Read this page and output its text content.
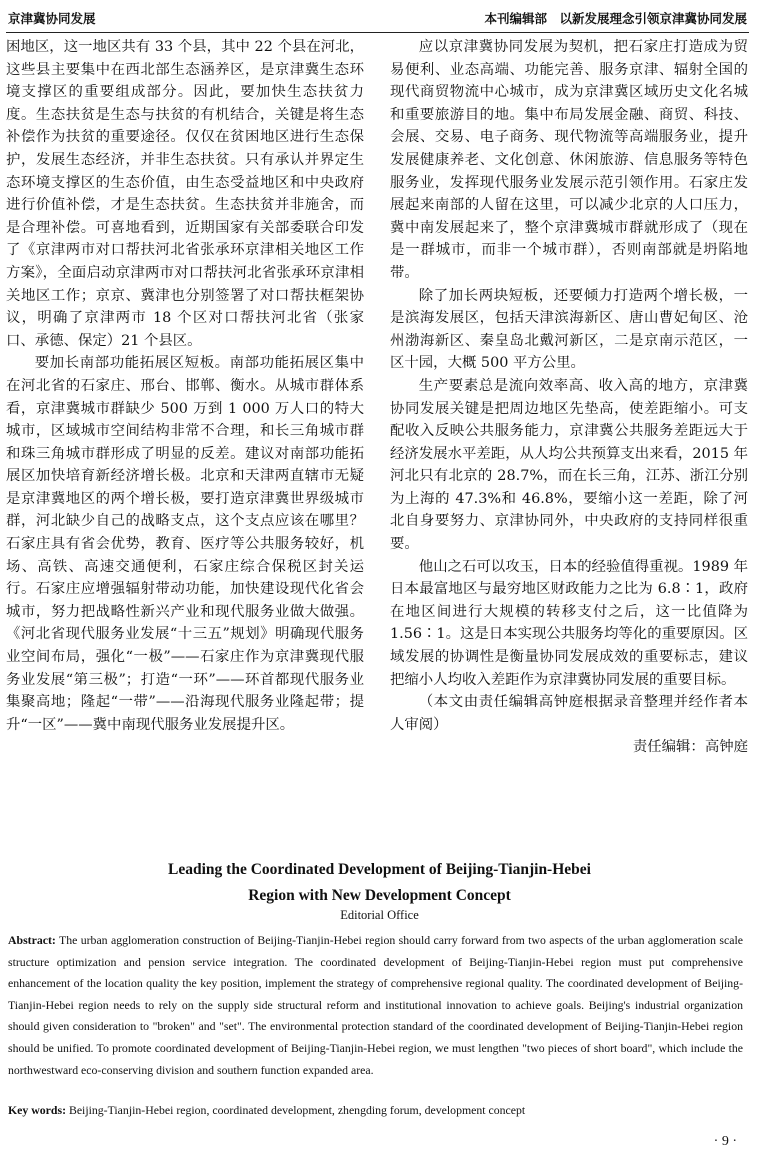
京津冀协同发展	本刊编辑部　以新发展理念引领京津冀协同发展

困地区，这一地区共有 33 个县，其中 22 个县在河北，这些县主要集中在西北部生态涵养区，是京津冀生态环境支撑区的重要组成部分。因此，要加快生态扶贫力度。生态扶贫是生态与扶贫的有机结合，关键是将生态补偿作为扶贫的重要途径。仅仅在贫困地区进行生态保护，发展生态经济，并非生态扶贫。只有承认并界定生态环境支撑区的生态价值，由生态受益地区和中央政府进行价值补偿，才是生态扶贫。生态扶贫并非施舍，而是合理补偿。可喜地看到，近期国家有关部委联合印发了《京津两市对口帮扶河北省张承环京津相关地区工作方案》，全面启动京津两市对口帮扶河北省张承环京津相关地区工作；京京、冀津也分别签署了对口帮扶框架协议，明确了京津两市 18 个区对口帮扶河北省（张家口、承德、保定）21 个县区。

要加长南部功能拓展区短板。南部功能拓展区集中在河北省的石家庄、邢台、邯郸、衡水。从城市群体系看，京津冀城市群缺少 500 万到 1 000 万人口的特大城市，区域城市空间结构非常不合理，和长三角城市群和珠三角城市群形成了明显的反差。建议对南部功能拓展区加快培育新经济增长极。北京和天津两直辖市无疑是京津冀地区的两个增长极，要打造京津冀世界级城市群，河北缺少自己的战略支点，这个支点应该在哪里？石家庄具有省会优势，教育、医疗等公共服务较好，机场、高铁、高速交通便利，石家庄综合保税区封关运行。石家庄应增强辐射带动功能，加快建设现代化省会城市，努力把战略性新兴产业和现代服务业做大做强。《河北省现代服务业发展“十三五”规划》明确现代服务业空间布局，强化“一极”——石家庄作为京津冀现代服务业发展“第三极”；打造“一环”——环首都现代服务业集聚高地；隆起“一带”——沿海现代服务业隆起带；提升“一区”——冀中南现代服务业发展提升区。

应以京津冀协同发展为契机，把石家庄打造成为贸易便利、业态高端、功能完善、服务京津、辐射全国的现代商贸物流中心城市，成为京津冀区域历史文化名城和重要旅游目的地。集中布局发展金融、商贸、科技、会展、交易、电子商务、现代物流等高端服务业，提升发展健康养老、文化创意、休闲旅游、信息服务等特色服务业，发挥现代服务业发展示范引领作用。石家庄发展起来南部的人留在这里，可以减少北京的人口压力，冀中南发展起来了，整个京津冀城市群就形成了（现在是一群城市，而非一个城市群），否则南部就是坍陷地带。

除了加长两块短板，还要倾力打造两个增长极，一是滨海发展区，包括天津滨海新区、唐山曹妃甸区、沧州渤海新区、秦皇岛北戴河新区，二是京南示范区，一区十园，大概 500 平方公里。

生产要素总是流向效率高、收入高的地方，京津冀协同发展关键是把周边地区先垫高，使差距缩小。可支配收入反映公共服务能力，京津冀公共服务差距远大于经济发展水平差距，从人均公共预算支出来看，2015 年河北只有北京的 28.7%，而在长三角，江苏、浙江分别为上海的 47.3%和 46.8%，要缩小这一差距，除了河北自身要努力、京津协同外，中央政府的支持同样很重要。

他山之石可以攻玉，日本的经验值得重视。1989 年日本最富地区与最穷地区财政能力之比为 6.8∶1，政府在地区间进行大规模的转移支付之后，这一比值降为 1.56∶1。这是日本实现公共服务均等化的重要原因。区域发展的协调性是衡量协同发展成效的重要标志，建议把缩小人均收入差距作为京津冀协同发展的重要目标。

（本文由责任编辑高钟庭根据录音整理并经作者本人审阅）

责任编辑：高钟庭

Leading the Coordinated Development of Beijing-Tianjin-Hebei
Region with New Development Concept
Editorial Office
Abstract: The urban agglomeration construction of Beijing-Tianjin-Hebei region should carry forward from two aspects of the urban agglomeration scale structure optimization and pension service integration. The coordinated development of Beijing-Tianjin-Hebei region must put comprehensive enhancement of the location quality the key position, implement the strategy of comprehensive regional quality. The coordinated development of Beijing-Tianjin-Hebei region needs to rely on the supply side structural reform and institutional innovation to achieve goals. Beijing's industrial organization should given consideration to "broken" and "set". The environmental protection standard of the coordinated development of Beijing-Tianjin-Hebei region should be unified. To promote coordinated development of Beijing-Tianjin-Hebei region, we must lengthen "two pieces of short board", which include the northwestward eco-conserving division and southern function expanded area.
Key words: Beijing-Tianjin-Hebei region, coordinated development, zhengding forum, development concept
· 9 ·
